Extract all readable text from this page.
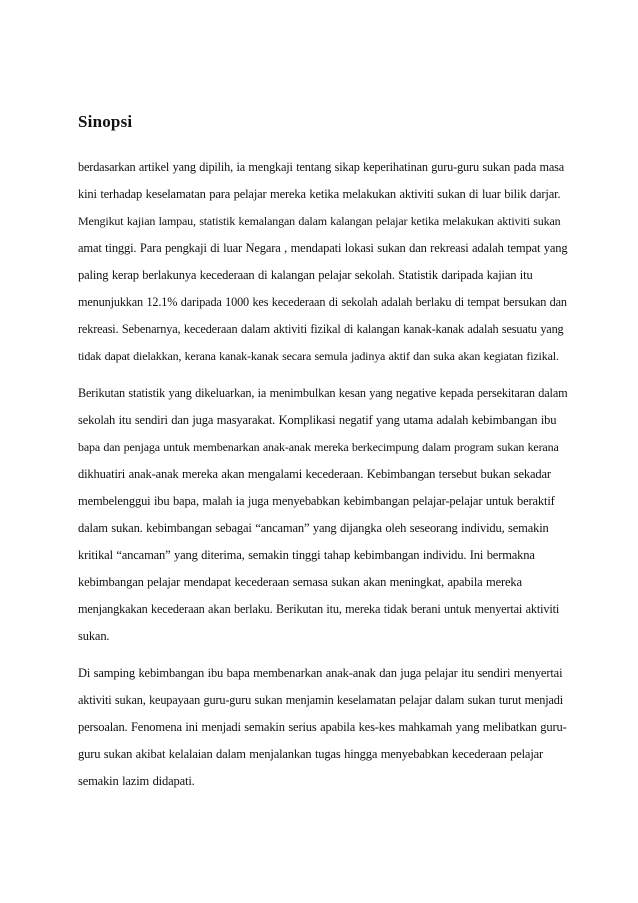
Sinopsi
berdasarkan artikel yang dipilih, ia mengkaji tentang sikap keperihatinan guru-guru sukan pada masa
kini terhadap keselamatan para pelajar mereka ketika melakukan aktiviti sukan di luar bilik darjar.
Mengikut kajian lampau, statistik kemalangan dalam kalangan pelajar ketika melakukan aktiviti sukan
amat tinggi. Para pengkaji di luar Negara , mendapati lokasi sukan dan rekreasi adalah tempat yang
paling kerap berlakunya kecederaan di kalangan pelajar sekolah. Statistik daripada kajian itu
menunjukkan 12.1% daripada 1000 kes kecederaan di sekolah adalah berlaku di tempat bersukan dan
rekreasi. Sebenarnya, kecederaan dalam aktiviti fizikal di kalangan kanak-kanak adalah sesuatu yang
tidak dapat dielakkan, kerana kanak-kanak secara semula jadinya aktif dan suka akan kegiatan fizikal.
Berikutan statistik yang dikeluarkan, ia menimbulkan kesan yang negative kepada persekitaran dalam
sekolah itu sendiri dan juga masyarakat. Komplikasi negatif yang utama adalah kebimbangan ibu
bapa dan penjaga untuk membenarkan anak-anak mereka berkecimpung dalam program sukan kerana
dikhuatiri anak-anak mereka akan mengalami kecederaan. Kebimbangan tersebut bukan sekadar
membelenggui ibu bapa, malah ia juga menyebabkan kebimbangan pelajar-pelajar untuk beraktif
dalam sukan. kebimbangan sebagai “ancaman” yang dijangka oleh seseorang individu, semakin
kritikal “ancaman” yang diterima, semakin tinggi tahap kebimbangan individu. Ini bermakna
kebimbangan pelajar mendapat kecederaan semasa sukan akan meningkat, apabila mereka
menjangkakan kecederaan akan berlaku. Berikutan itu, mereka tidak berani untuk menyertai aktiviti
sukan.
Di samping kebimbangan ibu bapa membenarkan anak-anak dan juga pelajar itu sendiri menyertai
aktiviti sukan, keupayaan guru-guru sukan menjamin keselamatan pelajar dalam sukan turut menjadi
persoalan. Fenomena ini menjadi semakin serius apabila kes-kes mahkamah yang melibatkan guru-
guru sukan akibat kelalaian dalam menjalankan tugas hingga menyebabkan kecederaan pelajar
semakin lazim didapati.
